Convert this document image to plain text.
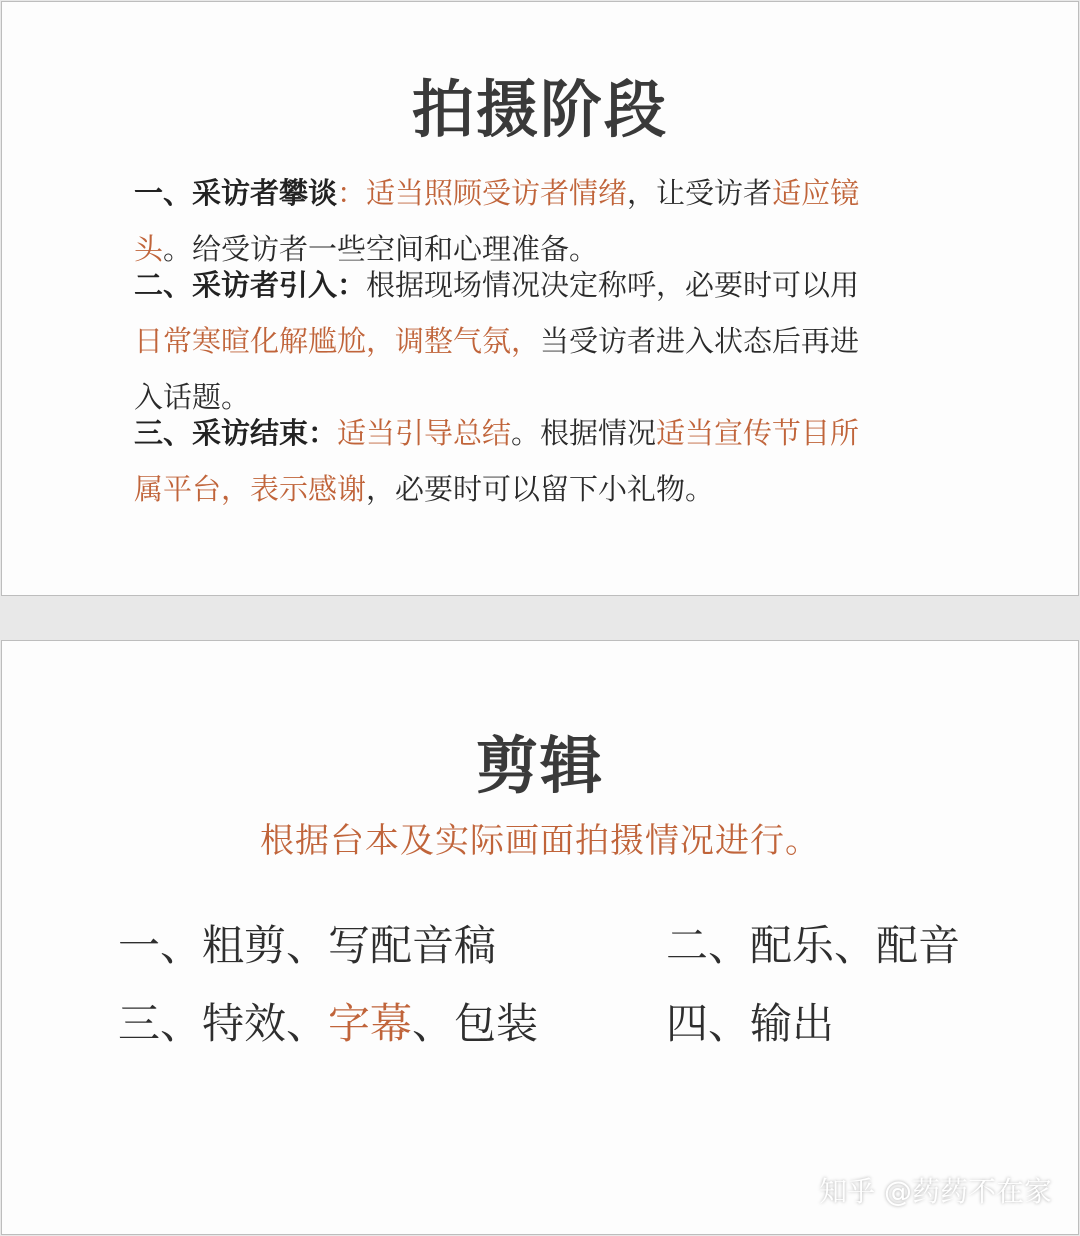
拍摄阶段
一、采访者攀谈：适当照顾受访者情绪，让受访者适应镜
头。给受访者一些空间和心理准备。
二、采访者引入：根据现场情况决定称呼，必要时可以用
日常寒暄化解尴尬，调整气氛，当受访者进入状态后再进
入话题。
三、采访结束：适当引导总结。根据情况适当宣传节目所
属平台，表示感谢，必要时可以留下小礼物。
剪辑
根据台本及实际画面拍摄情况进行。
一、粗剪、写配音稿	二、配乐、配音
三、特效、字幕、包装	四、输出
知乎 @药药不在家
